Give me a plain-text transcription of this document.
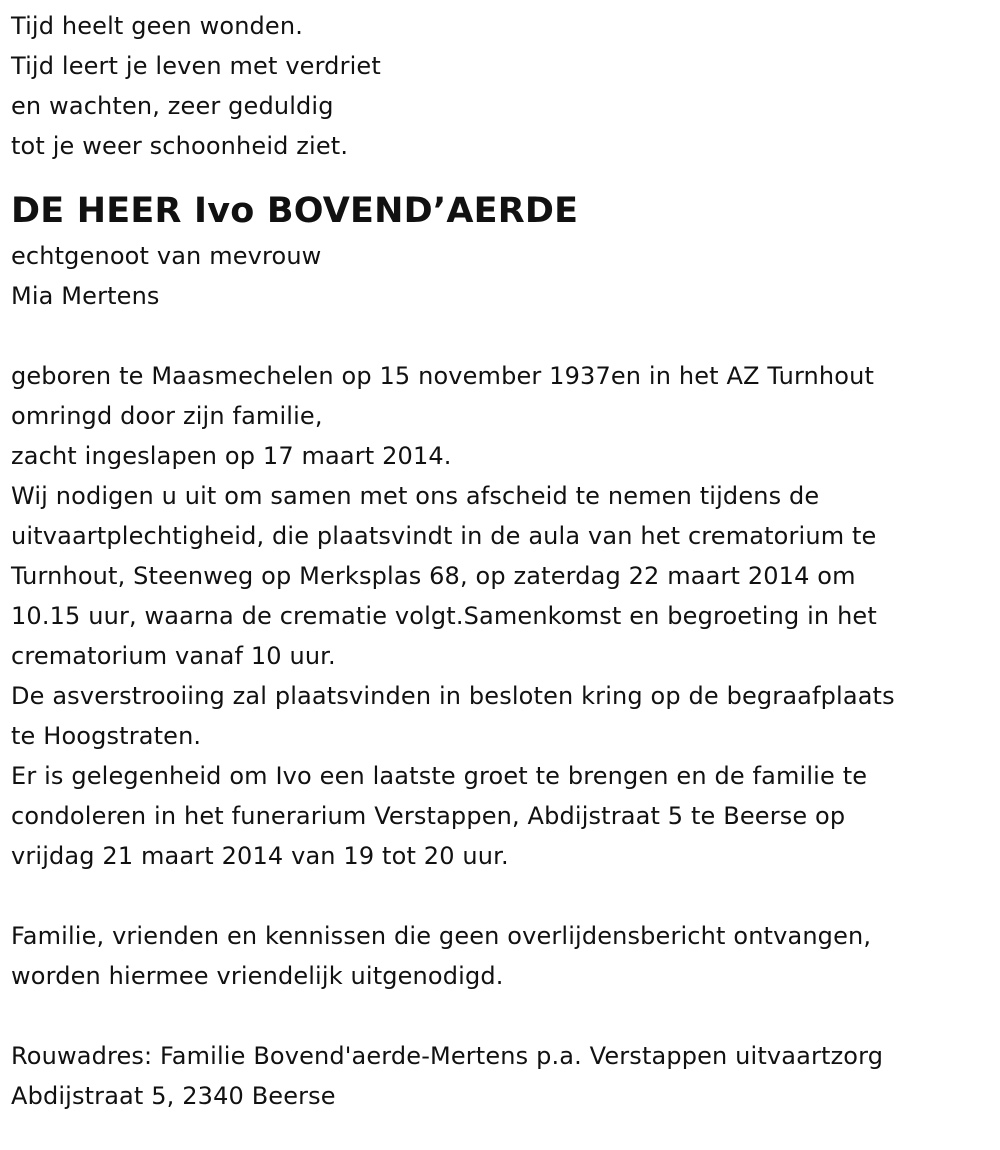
Tijd heelt geen wonden.
Tijd leert je leven met verdriet
en wachten, zeer geduldig
tot je weer schoonheid ziet.
DE HEER Ivo BOVEND’AERDE
echtgenoot van mevrouw
Mia Mertens
geboren te Maasmechelen op 15 november 1937en in het AZ Turnhout
omringd door zijn familie,
zacht ingeslapen op 17 maart 2014.
Wij nodigen u uit om samen met ons afscheid te nemen tijdens de
uitvaartplechtigheid, die plaatsvindt in de aula van het crematorium te
Turnhout, Steenweg op Merksplas 68, op zaterdag 22 maart 2014 om
10.15 uur, waarna de crematie volgt.Samenkomst en begroeting in het
crematorium vanaf 10 uur.
De asverstrooiing zal plaatsvinden in besloten kring op de begraafplaats
te Hoogstraten.
Er is gelegenheid om Ivo een laatste groet te brengen en de familie te
condoleren in het funerarium Verstappen, Abdijstraat 5 te Beerse op
vrijdag 21 maart 2014 van 19 tot 20 uur.
Familie, vrienden en kennissen die geen overlijdensbericht ontvangen,
worden hiermee vriendelijk uitgenodigd.
Rouwadres: Familie Bovend'aerde-Mertens p.a. Verstappen uitvaartzorg
Abdijstraat 5, 2340 Beerse
